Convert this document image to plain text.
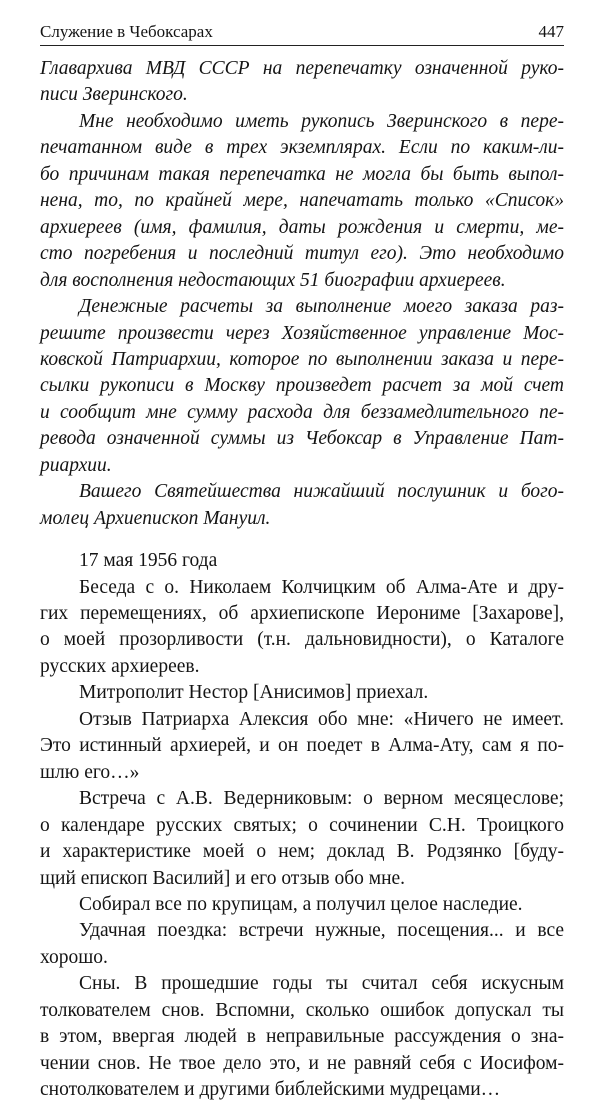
Служение в Чебоксарах	447
Главархива МВД СССР на перепечатку означенной руко-
писи Зверинского.
Мне необходимо иметь рукопись Зверинского в пере-
печатанном виде в трех экземплярах. Если по каким-ли-
бо причинам такая перепечатка не могла бы быть выпол-
нена, то, по крайней мере, напечатать только «Список»
архиереев (имя, фамилия, даты рождения и смерти, ме-
сто погребения и последний титул его). Это необходимо
для восполнения недостающих 51 биографии архиереев.
Денежные расчеты за выполнение моего заказа раз-
решите произвести через Хозяйственное управление Мос-
ковской Патриархии, которое по выполнении заказа и пере-
сылки рукописи в Москву произведет расчет за мой счет
и сообщит мне сумму расхода для беззамедлительного пе-
ревода означенной суммы из Чебоксар в Управление Пат-
риархии.
Вашего Святейшества нижайший послушник и бого-
молец Архиепископ Мануил.
17 мая 1956 года
Беседа с о. Николаем Колчицким об Алма-Ате и дру-
гих перемещениях, об архиепископе Иерониме [Захарове],
о моей прозорливости (т.н. дальновидности), о Каталоге
русских архиереев.
Митрополит Нестор [Анисимов] приехал.
Отзыв Патриарха Алексия обо мне: «Ничего не имеет.
Это истинный архиерей, и он поедет в Алма-Ату, сам я по-
шлю его…»
Встреча с А.В. Ведерниковым: о верном месяцеслове;
о календаре русских святых; о сочинении С.Н. Троицкого
и характеристике моей о нем; доклад В. Родзянко [буду-
щий епископ Василий] и его отзыв обо мне.
Собирал все по крупицам, а получил целое наследие.
Удачная поездка: встречи нужные, посещения... и все
хорошо.
Сны. В прошедшие годы ты считал себя искусным
толкователем снов. Вспомни, сколько ошибок допускал ты
в этом, ввергая людей в неправильные рассуждения о зна-
чении снов. Не твое дело это, и не равняй себя с Иосифом-
снотолкователем и другими библейскими мудрецами…
